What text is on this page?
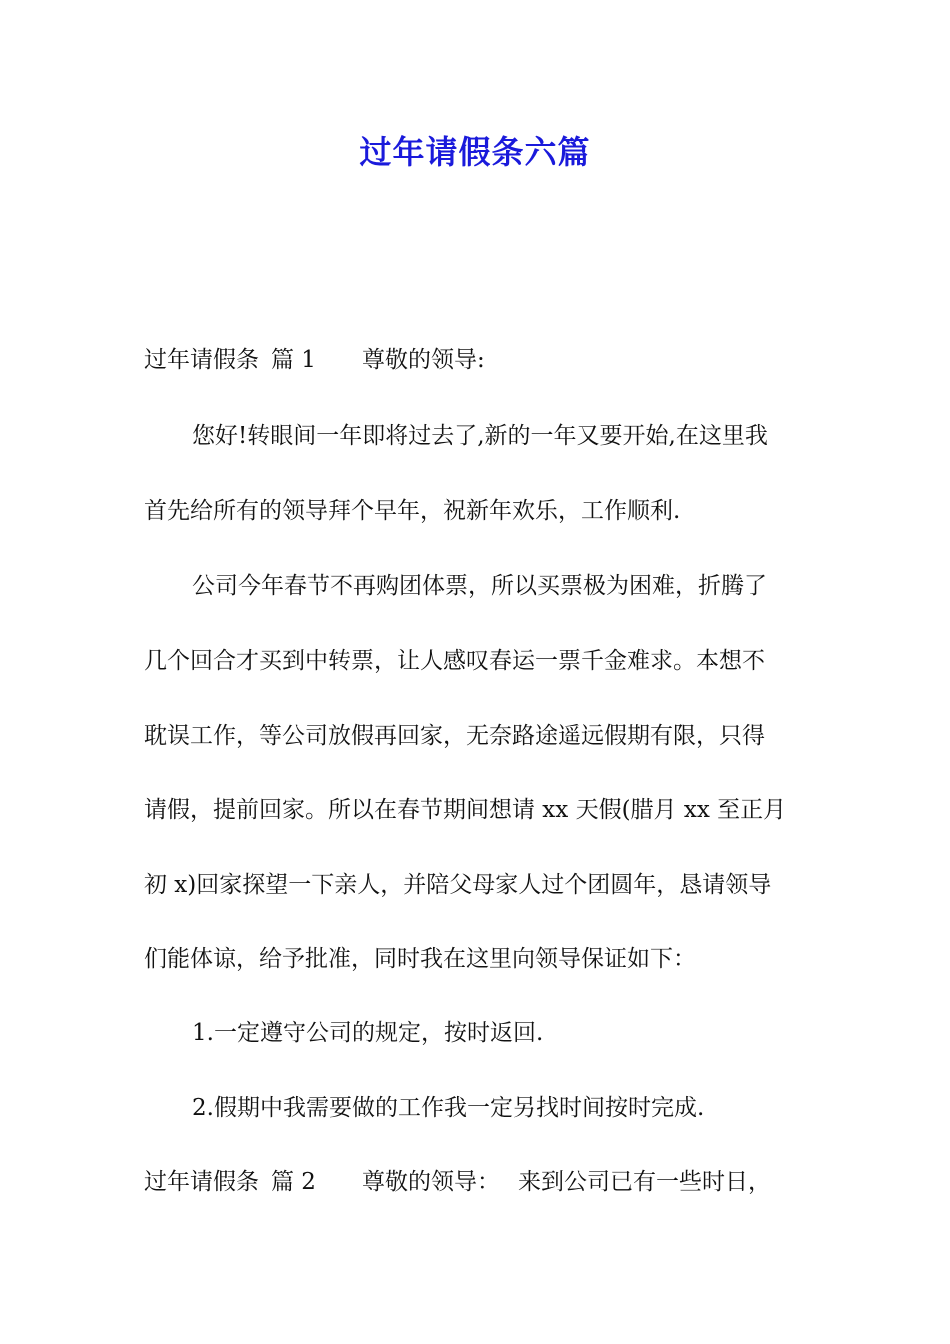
过年请假条六篇
过年请假条 篇 1 尊敬的领导:
您好!转眼间一年即将过去了,新的一年又要开始,在这里我
首先给所有的领导拜个早年，祝新年欢乐，工作顺利.
公司今年春节不再购团体票，所以买票极为困难，折腾了
几个回合才买到中转票，让人感叹春运一票千金难求。本想不
耽误工作，等公司放假再回家，无奈路途遥远假期有限，只得
请假，提前回家。所以在春节期间想请 xx 天假(腊月 xx 至正月
初 x)回家探望一下亲人，并陪父母家人过个团圆年，恳请领导
们能体谅，给予批准，同时我在这里向领导保证如下：
1.一定遵守公司的规定，按时返回.
2.假期中我需要做的工作我一定另找时间按时完成.
过年请假条 篇 2 尊敬的领导： 来到公司已有一些时日，
